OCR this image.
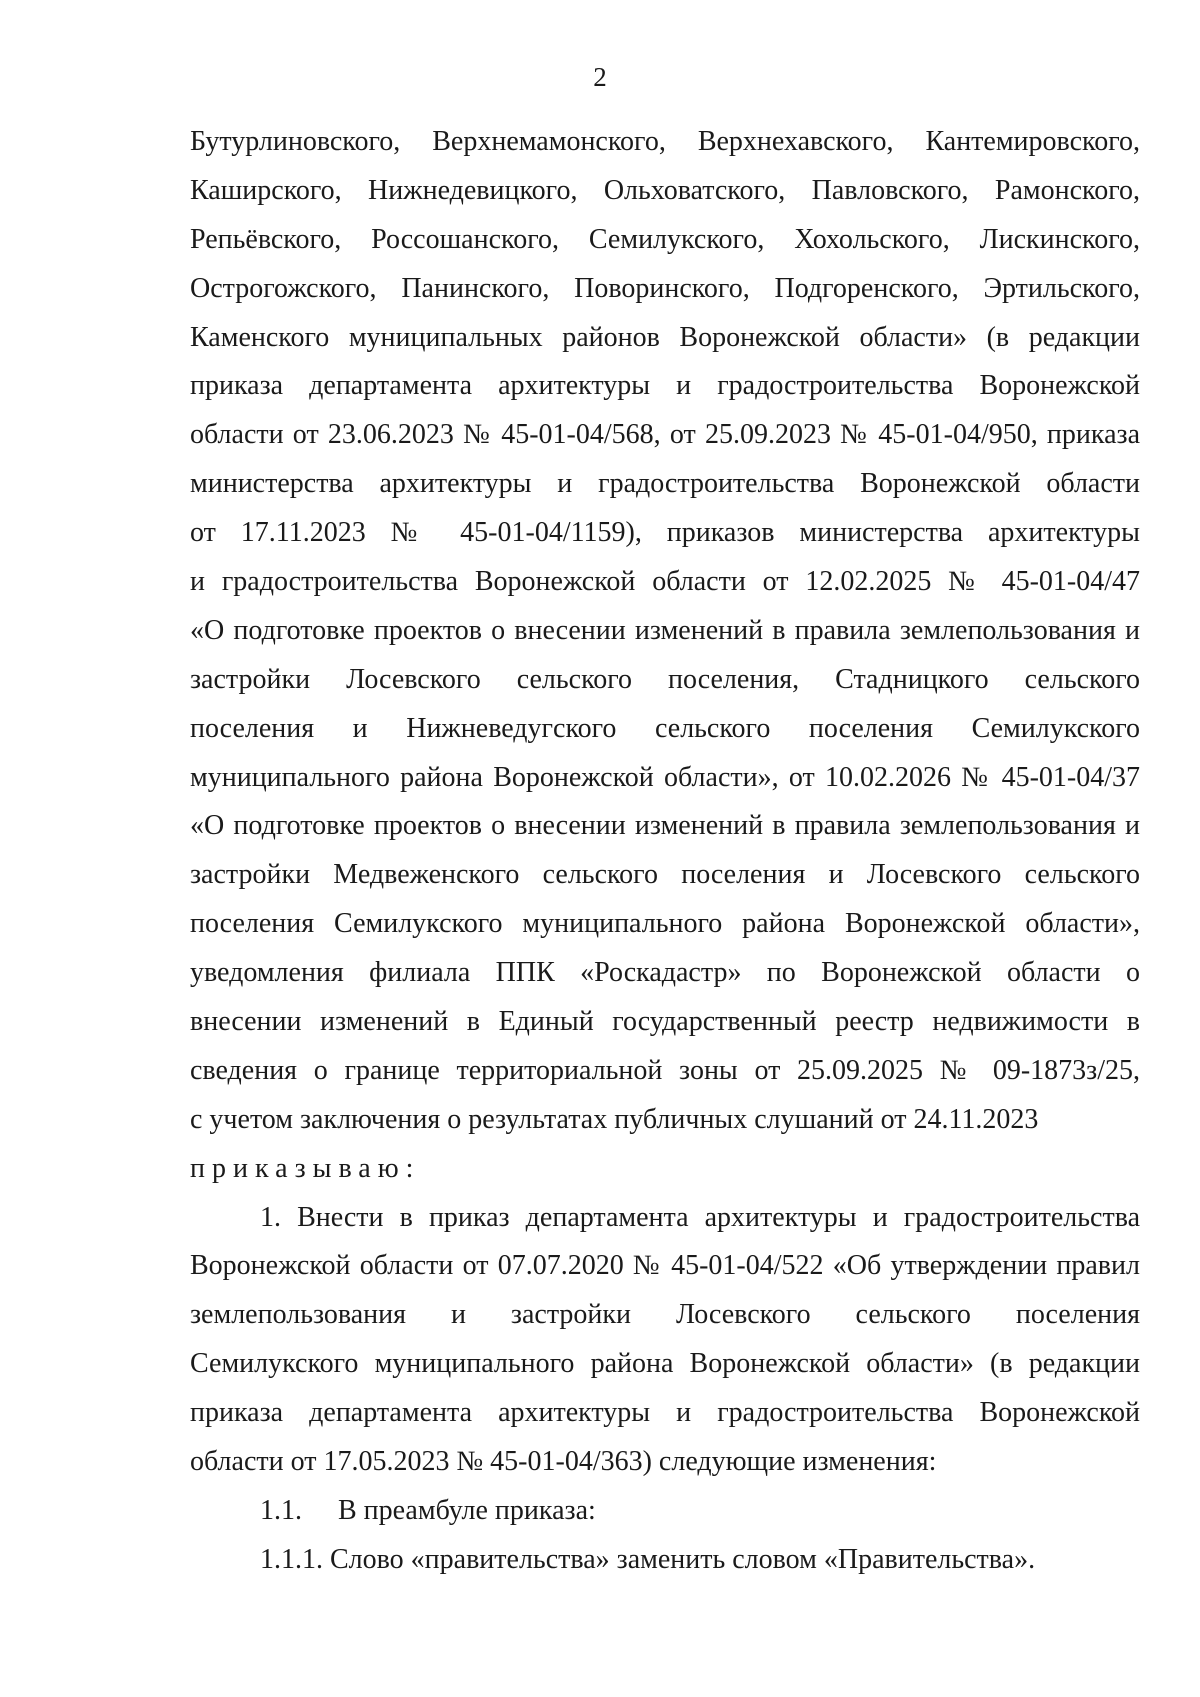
2
Бутурлиновского, Верхнемамонского, Верхнехавского, Кантемировского,
Каширского, Нижнедевицкого, Ольховатского, Павловского, Рамонского,
Репьёвского, Россошанского, Семилукского, Хохольского, Лискинского,
Острогожского, Панинского, Поворинского, Подгоренского, Эртильского,
Каменского муниципальных районов Воронежской области» (в редакции
приказа департамента архитектуры и градостроительства Воронежской
области от 23.06.2023 № 45-01-04/568, от 25.09.2023 № 45-01-04/950, приказа
министерства архитектуры и градостроительства Воронежской области
от 17.11.2023 № 45-01-04/1159), приказов министерства архитектуры
и градостроительства Воронежской области от 12.02.2025 № 45-01-04/47
«О подготовке проектов о внесении изменений в правила землепользования и
застройки Лосевского сельского поселения, Стадницкого сельского
поселения и Нижневедугского сельского поселения Семилукского
муниципального района Воронежской области», от 10.02.2026 № 45-01-04/37
«О подготовке проектов о внесении изменений в правила землепользования и
застройки Медвеженского сельского поселения и Лосевского сельского
поселения Семилукского муниципального района Воронежской области»,
уведомления филиала ППК «Роскадастр» по Воронежской области о
внесении изменений в Единый государственный реестр недвижимости в
сведения о границе территориальной зоны от 25.09.2025 № 09-1873з/25,
с учетом заключения о результатах публичных слушаний от 24.11.2023
приказываю:
1. Внести в приказ департамента архитектуры и градостроительства
Воронежской области от 07.07.2020 № 45-01-04/522 «Об утверждении правил
землепользования и застройки Лосевского сельского поселения
Семилукского муниципального района Воронежской области» (в редакции
приказа департамента архитектуры и градостроительства Воронежской
области от 17.05.2023 № 45-01-04/363) следующие изменения:
1.1. В преамбуле приказа:
1.1.1. Слово «правительства» заменить словом «Правительства».
